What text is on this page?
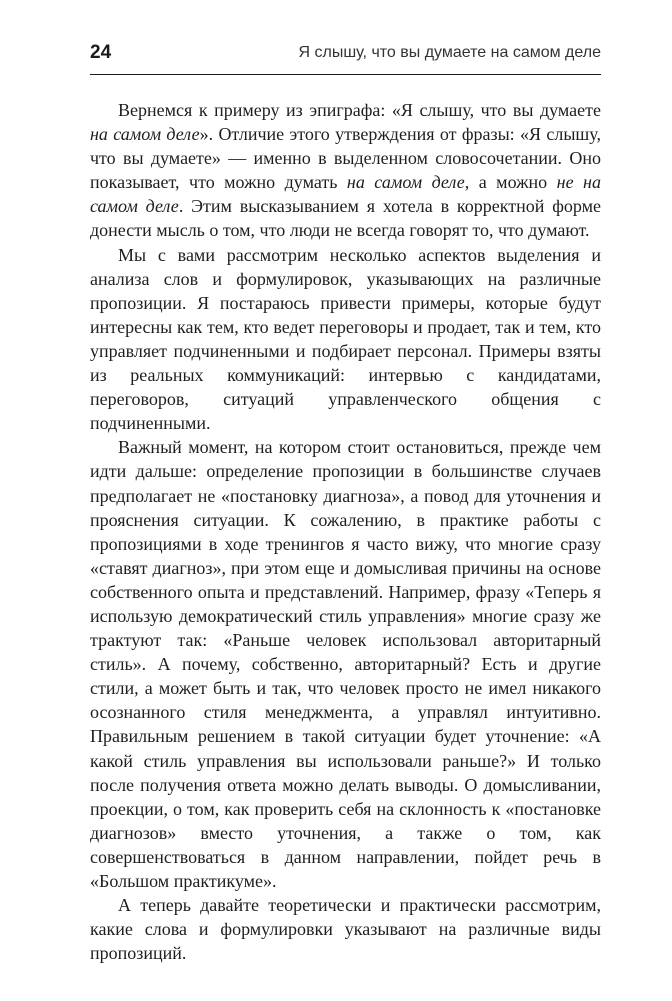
24	Я слышу, что вы думаете на самом деле

Вернемся к примеру из эпиграфа: «Я слышу, что вы думаете на самом деле». Отличие этого утверждения от фразы: «Я слышу, что вы думаете» — именно в выделенном словосочетании. Оно показывает, что можно думать на самом деле, а можно не на самом деле. Этим высказыванием я хотела в корректной форме донести мысль о том, что люди не всегда говорят то, что думают.

Мы с вами рассмотрим несколько аспектов выделения и анализа слов и формулировок, указывающих на различные пропозиции. Я постараюсь привести примеры, которые будут интересны как тем, кто ведет переговоры и продает, так и тем, кто управляет подчиненными и подбирает персонал. Примеры взяты из реальных коммуникаций: интервью с кандидатами, переговоров, ситуаций управленческого общения с подчиненными.

Важный момент, на котором стоит остановиться, прежде чем идти дальше: определение пропозиции в большинстве случаев предполагает не «постановку диагноза», а повод для уточнения и прояснения ситуации. К сожалению, в практике работы с пропозициями в ходе тренингов я часто вижу, что многие сразу «ставят диагноз», при этом еще и домысливая причины на основе собственного опыта и представлений. Например, фразу «Теперь я использую демократический стиль управления» многие сразу же трактуют так: «Раньше человек использовал авторитарный стиль». А почему, собственно, авторитарный? Есть и другие стили, а может быть и так, что человек просто не имел никакого осознанного стиля менеджмента, а управлял интуитивно. Правильным решением в такой ситуации будет уточнение: «А какой стиль управления вы использовали раньше?» И только после получения ответа можно делать выводы. О домысливании, проекции, о том, как проверить себя на склонность к «постановке диагнозов» вместо уточнения, а также о том, как совершенствоваться в данном направлении, пойдет речь в «Большом практикуме».

А теперь давайте теоретически и практически рассмотрим, какие слова и формулировки указывают на различные виды пропозиций.
